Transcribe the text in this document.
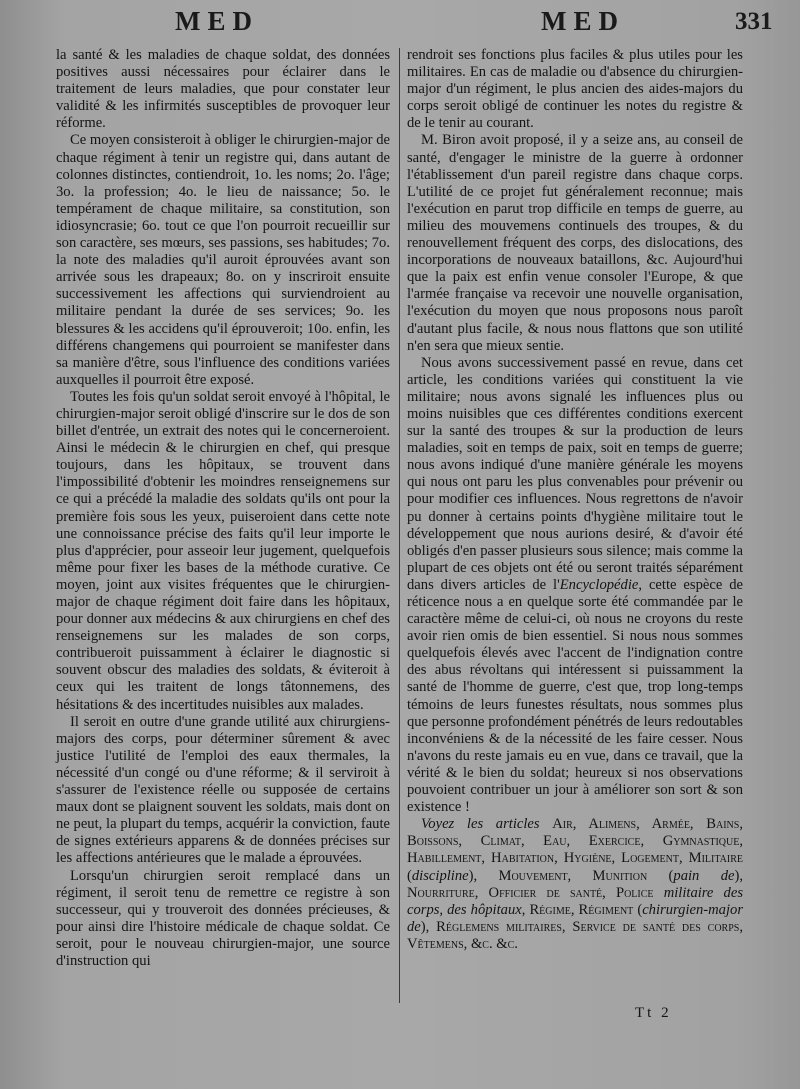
MED	MED	331

la santé & les maladies de chaque soldat, des données positives aussi nécessaires pour éclairer dans le traitement de leurs maladies, que pour constater leur validité & les infirmités susceptibles de provoquer leur réforme.

Ce moyen consisteroit à obliger le chirurgien-major de chaque régiment à tenir un registre qui, dans autant de colonnes distinctes, contiendroit, 1o. les noms; 2o. l'âge; 3o. la profession; 4o. le lieu de naissance; 5o. le tempérament de chaque militaire, sa constitution, son idiosyncrasie; 6o. tout ce que l'on pourroit recueillir sur son caractère, ses mœurs, ses passions, ses habitudes; 7o. la note des maladies qu'il auroit éprouvées avant son arrivée sous les drapeaux; 8o. on y inscriroit ensuite successivement les affections qui surviendroient au militaire pendant la durée de ses services; 9o. les blessures & les accidens qu'il éprouveroit; 10o. enfin, les différens changemens qui pourroient se manifester dans sa manière d'être, sous l'influence des conditions variées auxquelles il pourroit être exposé.

Toutes les fois qu'un soldat seroit envoyé à l'hôpital, le chirurgien-major seroit obligé d'inscrire sur le dos de son billet d'entrée, un extrait des notes qui le concerneroient. Ainsi le médecin & le chirurgien en chef, qui presque toujours, dans les hôpitaux, se trouvent dans l'impossibilité d'obtenir les moindres renseignemens sur ce qui a précédé la maladie des soldats qu'ils ont pour la première fois sous les yeux, puiseroient dans cette note une connoissance précise des faits qu'il leur importe le plus d'apprécier, pour asseoir leur jugement, quelquefois même pour fixer les bases de la méthode curative. Ce moyen, joint aux visites fréquentes que le chirurgien-major de chaque régiment doit faire dans les hôpitaux, pour donner aux médecins & aux chirurgiens en chef des renseignemens sur les malades de son corps, contribueroit puissamment à éclairer le diagnostic si souvent obscur des maladies des soldats, & éviteroit à ceux qui les traitent de longs tâtonnemens, des hésitations & des incertitudes nuisibles aux malades.

Il seroit en outre d'une grande utilité aux chirurgiens-majors des corps, pour déterminer sûrement & avec justice l'utilité de l'emploi des eaux thermales, la nécessité d'un congé ou d'une réforme; & il serviroit à s'assurer de l'existence réelle ou supposée de certains maux dont se plaignent souvent les soldats, mais dont on ne peut, la plupart du temps, acquérir la conviction, faute de signes extérieurs apparens & de données précises sur les affections antérieures que le malade a éprouvées.

Lorsqu'un chirurgien seroit remplacé dans un régiment, il seroit tenu de remettre ce registre à son successeur, qui y trouveroit des données précieuses, & pour ainsi dire l'histoire médicale de chaque soldat. Ce seroit, pour le nouveau chirurgien-major, une source d'instruction qui

rendroit ses fonctions plus faciles & plus utiles pour les militaires. En cas de maladie ou d'absence du chirurgien-major d'un régiment, le plus ancien des aides-majors du corps seroit obligé de continuer les notes du registre & de le tenir au courant.

M. Biron avoit proposé, il y a seize ans, au conseil de santé, d'engager le ministre de la guerre à ordonner l'établissement d'un pareil registre dans chaque corps. L'utilité de ce projet fut généralement reconnue; mais l'exécution en parut trop difficile en temps de guerre, au milieu des mouvemens continuels des troupes, & du renouvellement fréquent des corps, des dislocations, des incorporations de nouveaux bataillons, &c. Aujourd'hui que la paix est enfin venue consoler l'Europe, & que l'armée française va recevoir une nouvelle organisation, l'exécution du moyen que nous proposons nous paroît d'autant plus facile, & nous nous flattons que son utilité n'en sera que mieux sentie.

Nous avons successivement passé en revue, dans cet article, les conditions variées qui constituent la vie militaire; nous avons signalé les influences plus ou moins nuisibles que ces différentes conditions exercent sur la santé des troupes & sur la production de leurs maladies, soit en temps de paix, soit en temps de guerre; nous avons indiqué d'une manière générale les moyens qui nous ont paru les plus convenables pour prévenir ou pour modifier ces influences. Nous regrettons de n'avoir pu donner à certains points d'hygiène militaire tout le développement que nous aurions desiré, & d'avoir été obligés d'en passer plusieurs sous silence; mais comme la plupart de ces objets ont été ou seront traités séparément dans divers articles de l'Encyclopédie, cette espèce de réticence nous a en quelque sorte été commandée par le caractère même de celui-ci, où nous ne croyons du reste avoir rien omis de bien essentiel. Si nous nous sommes quelquefois élevés avec l'accent de l'indignation contre des abus révoltans qui intéressent si puissamment la santé de l'homme de guerre, c'est que, trop long-temps témoins de leurs funestes résultats, nous sommes plus que personne profondément pénétrés de leurs redoutables inconvéniens & de la nécessité de les faire cesser. Nous n'avons du reste jamais eu en vue, dans ce travail, que la vérité & le bien du soldat; heureux si nos observations pouvoient contribuer un jour à améliorer son sort & son existence !

Voyez les articles Air, Alimens, Armée, Bains, Boissons, Climat, Eau, Exercice, Gymnastique, Habillement, Habitation, Hygiène, Logement, Militaire (discipline), Mouvement, Munition (pain de), Nourriture, Officier de santé, Police militaire des corps, des hôpitaux, Régime, Régiment (chirurgien-major de), Réglemens militaires, Service de santé des corps, Vêtemens, &c. &c.

Tt 2
